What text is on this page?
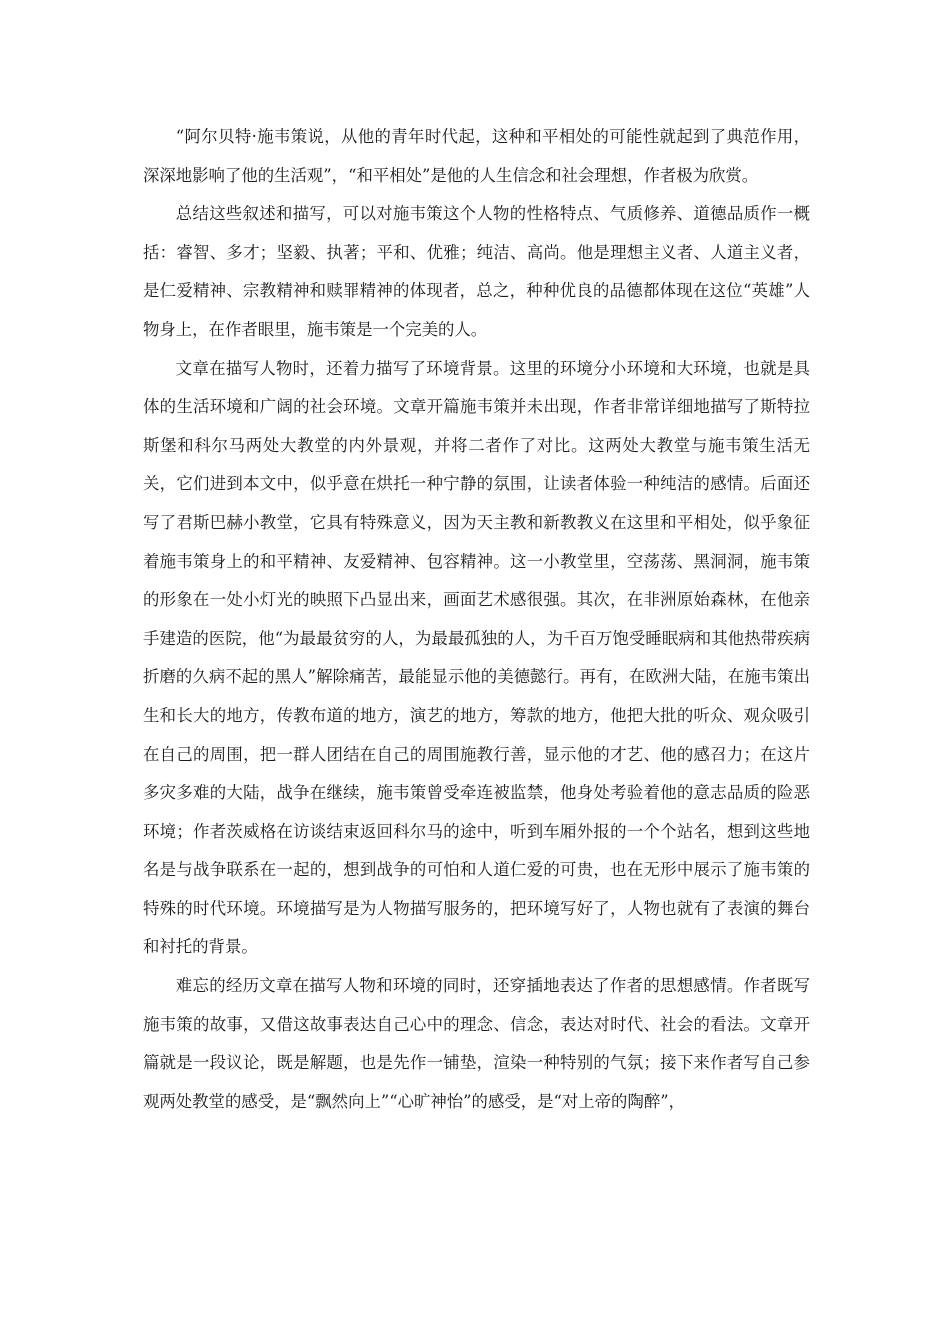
“阿尔贝特·施韦策说，从他的青年时代起，这种和平相处的可能性就起到了典范作用，深深地影响了他的生活观”，“和平相处”是他的人生信念和社会理想，作者极为欣赏。

总结这些叙述和描写，可以对施韦策这个人物的性格特点、气质修养、道德品质作一概括：睿智、多才；坚毅、执著；平和、优雅；纯洁、高尚。他是理想主义者、人道主义者，是仁爱精神、宗教精神和赎罪精神的体现者，总之，种种优良的品德都体现在这位“英雄”人物身上，在作者眼里，施韦策是一个完美的人。

文章在描写人物时，还着力描写了环境背景。这里的环境分小环境和大环境，也就是具体的生活环境和广阔的社会环境。文章开篇施韦策并未出现，作者非常详细地描写了斯特拉斯堡和科尔马两处大教堂的内外景观，并将二者作了对比。这两处大教堂与施韦策生活无关，它们进到本文中，似乎意在烘托一种宁静的氛围，让读者体验一种纯洁的感情。后面还写了君斯巴赫小教堂，它具有特殊意义，因为天主教和新教教义在这里和平相处，似乎象征着施韦策身上的和平精神、友爱精神、包容精神。这一小教堂里，空荡荡、黑洞洞，施韦策的形象在一处小灯光的映照下凸显出来，画面艺术感很强。其次，在非洲原始森林，在他亲手建造的医院，他“为最最贫穷的人，为最最孤独的人，为千百万饱受睡眠病和其他热带疾病折磨的久病不起的黑人”解除痛苦，最能显示他的美德懿行。再有，在欧洲大陆，在施韦策出生和长大的地方，传教布道的地方，演艺的地方，筹款的地方，他把大批的听众、观众吸引在自己的周围，把一群人团结在自己的周围施教行善，显示他的才艺、他的感召力；在这片多灾多难的大陆，战争在继续，施韦策曾受牵连被监禁，他身处考验着他的意志品质的险恶环境；作者茨威格在访谈结束返回科尔马的途中，听到车厢外报的一个个站名，想到这些地名是与战争联系在一起的，想到战争的可怕和人道仁爱的可贵，也在无形中展示了施韦策的特殊的时代环境。环境描写是为人物描写服务的，把环境写好了，人物也就有了表演的舞台和衬托的背景。

难忘的经历文章在描写人物和环境的同时，还穿插地表达了作者的思想感情。作者既写施韦策的故事，又借这故事表达自己心中的理念、信念，表达对时代、社会的看法。文章开篇就是一段议论，既是解题，也是先作一铺垫，渲染一种特别的气氛；接下来作者写自己参观两处教堂的感受，是“飘然向上”“心旷神怡”的感受，是“对上帝的陶醉”，
